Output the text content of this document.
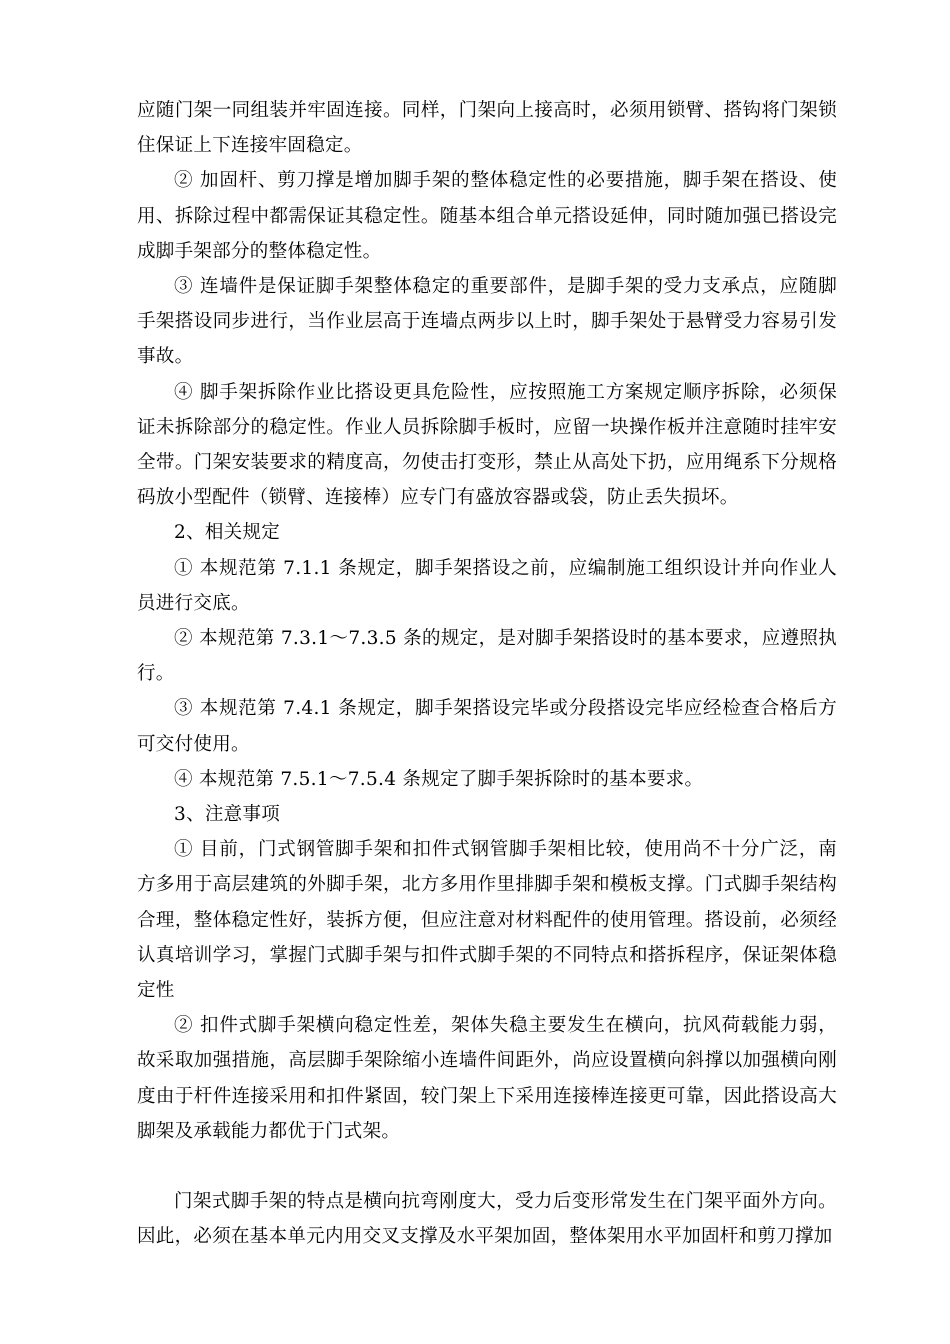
应随门架一同组装并牢固连接。同样，门架向上接高时，必须用锁臂、搭钩将门架锁住保证上下连接牢固稳定。

② 加固杆、剪刀撑是增加脚手架的整体稳定性的必要措施，脚手架在搭设、使用、拆除过程中都需保证其稳定性。随基本组合单元搭设延伸，同时随加强已搭设完成脚手架部分的整体稳定性。

③ 连墙件是保证脚手架整体稳定的重要部件，是脚手架的受力支承点，应随脚手架搭设同步进行，当作业层高于连墙点两步以上时，脚手架处于悬臂受力容易引发事故。

④ 脚手架拆除作业比搭设更具危险性，应按照施工方案规定顺序拆除，必须保证未拆除部分的稳定性。作业人员拆除脚手板时，应留一块操作板并注意随时挂牢安全带。门架安装要求的精度高，勿使击打变形，禁止从高处下扔，应用绳系下分规格码放小型配件（锁臂、连接棒）应专门有盛放容器或袋，防止丢失损坏。

2、相关规定

① 本规范第 7.1.1 条规定，脚手架搭设之前，应编制施工组织设计并向作业人员进行交底。

② 本规范第 7.3.1～7.3.5 条的规定，是对脚手架搭设时的基本要求，应遵照执行。

③ 本规范第 7.4.1 条规定，脚手架搭设完毕或分段搭设完毕应经检查合格后方可交付使用。

④ 本规范第 7.5.1～7.5.4 条规定了脚手架拆除时的基本要求。

3、注意事项

① 目前，门式钢管脚手架和扣件式钢管脚手架相比较，使用尚不十分广泛，南方多用于高层建筑的外脚手架，北方多用作里排脚手架和模板支撑。门式脚手架结构合理，整体稳定性好，装拆方便，但应注意对材料配件的使用管理。搭设前，必须经认真培训学习，掌握门式脚手架与扣件式脚手架的不同特点和搭拆程序，保证架体稳定性

② 扣件式脚手架横向稳定性差，架体失稳主要发生在横向，抗风荷载能力弱，故采取加强措施，高层脚手架除缩小连墙件间距外，尚应设置横向斜撑以加强横向刚度由于杆件连接采用和扣件紧固，较门架上下采用连接棒连接更可靠，因此搭设高大脚架及承载能力都优于门式架。

门架式脚手架的特点是横向抗弯刚度大，受力后变形常发生在门架平面外方向。因此，必须在基本单元内用交叉支撑及水平架加固，整体架用水平加固杆和剪刀撑加
